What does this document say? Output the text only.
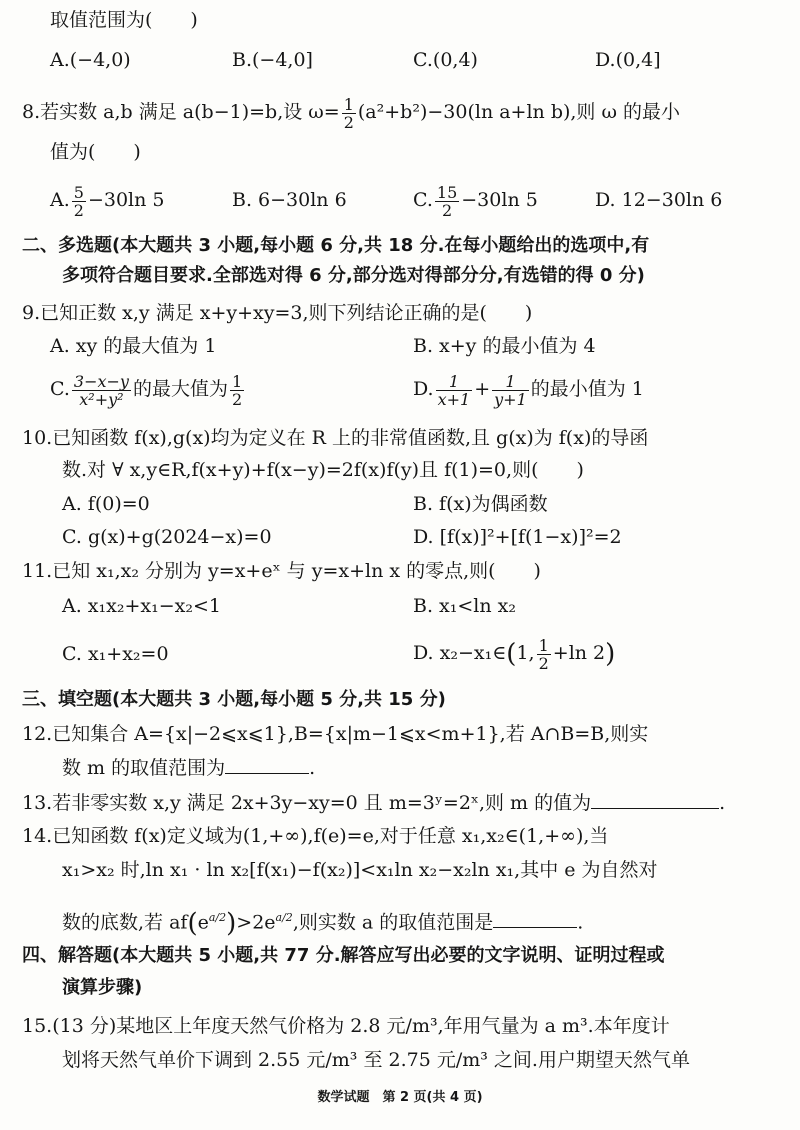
取值范围为(　　)
A.(−4,0)	B.(−4,0]	C.(0,4)	D.(0,4]
8.若实数 a,b 满足 a(b−1)=b,设 $\omega= \frac{1}{2} (a^2+b^2)-30(\ln$ a+ln b),则 ω 的最小
值为(　　)
A. $\frac{5}{2} -30\ln$ 5	B. 6−30ln 6	C. $\frac{15}{2} -30\ln$ 5	D. 12−30ln 6
二、多选题(本大题共 3 小题,每小题 6 分,共 18 分.在每小题给出的选项中,有
多项符合题目要求.全部选对得 6 分,部分选对得部分分,有选错的得 0 分)
9.已知正数 x,y 满足 x+y+xy=3,则下列结论正确的是(　　)
A. xy 的最大值为 1	B. x+y 的最小值为 4
C. $\frac{3-x-y}{\text{x²+y²}}$ 的最大值为 $\frac{1}{2}$	D. $\frac{1}{x+1} + \frac{1}{y+1}$ 的最小值为 1
10.已知函数 f(x),g(x)均为定义在 R 上的非常值函数,且 g(x)为 f(x)的导函
数.对 ∀ x,y∈R,f(x+y)+f(x−y)=2f(x)f(y)且 f(1)=0,则(　　)
A. f(0)=0	B. f(x)为偶函数
C. g(x)+g(2024−x)=0	D. [f(x)]²+[f(1−x)]²=2
11.已知 x₁,x₂ 分别为 y=x+eˣ 与 y=x+ln x 的零点,则(　　)
A. x₁x₂+x₁−x₂<1	B. x₁<ln x₂
C. x₁+x₂=0	D. x₂−x₁∈(1, $\frac{1}{2} +\ln$ 2)
三、填空题(本大题共 3 小题,每小题 5 分,共 15 分)
12.已知集合 A={x|−2⩽x⩽1},B={x|m−1⩽x<m+1},若 A∩B=B,则实
数 m 的取值范围为	.
13.若非零实数 x,y 满足 2x+3y−xy=0 且 m=3ʸ=2ˣ,则 m 的值为	.
14.已知函数 f(x)定义域为(1,+∞),f(e)=e,对于任意 x₁,x₂∈(1,+∞),当
x₁>x₂ 时,ln x₁ · ln x₂[f(x₁)−f(x₂)]<x₁ln x₂−x₂ln x₁,其中 e 为自然对
数的底数,若 $af(e^{a/2})>2e^{a/2}$,则实数 a 的取值范围是	.
四、解答题(本大题共 5 小题,共 77 分.解答应写出必要的文字说明、证明过程或
演算步骤)
15.(13 分)某地区上年度天然气价格为 2.8 元/m³,年用气量为 a m³.本年度计
划将天然气单价下调到 2.55 元/m³ 至 2.75 元/m³ 之间.用户期望天然气单
数学试题　第 2 页(共 4 页)
